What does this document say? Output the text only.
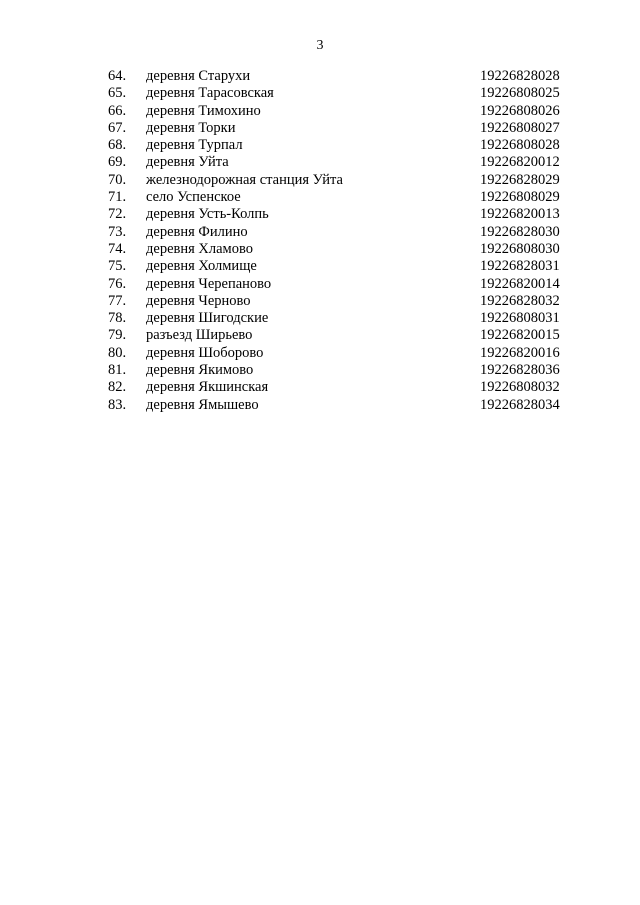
3
64.	деревня Старухи	19226828028
65.	деревня Тарасовская	19226808025
66.	деревня Тимохино	19226808026
67.	деревня Торки	19226808027
68.	деревня Турпал	19226808028
69.	деревня Уйта	19226820012
70.	железнодорожная станция Уйта	19226828029
71.	село Успенское	19226808029
72.	деревня Усть-Колпь	19226820013
73.	деревня Филино	19226828030
74.	деревня Хламово	19226808030
75.	деревня Холмище	19226828031
76.	деревня Черепаново	19226820014
77.	деревня Черново	19226828032
78.	деревня Шигодские	19226808031
79.	разъезд Ширьево	19226820015
80.	деревня Шоборово	19226820016
81.	деревня Якимово	19226828036
82.	деревня Якшинская	19226808032
83.	деревня Ямышево	19226828034
